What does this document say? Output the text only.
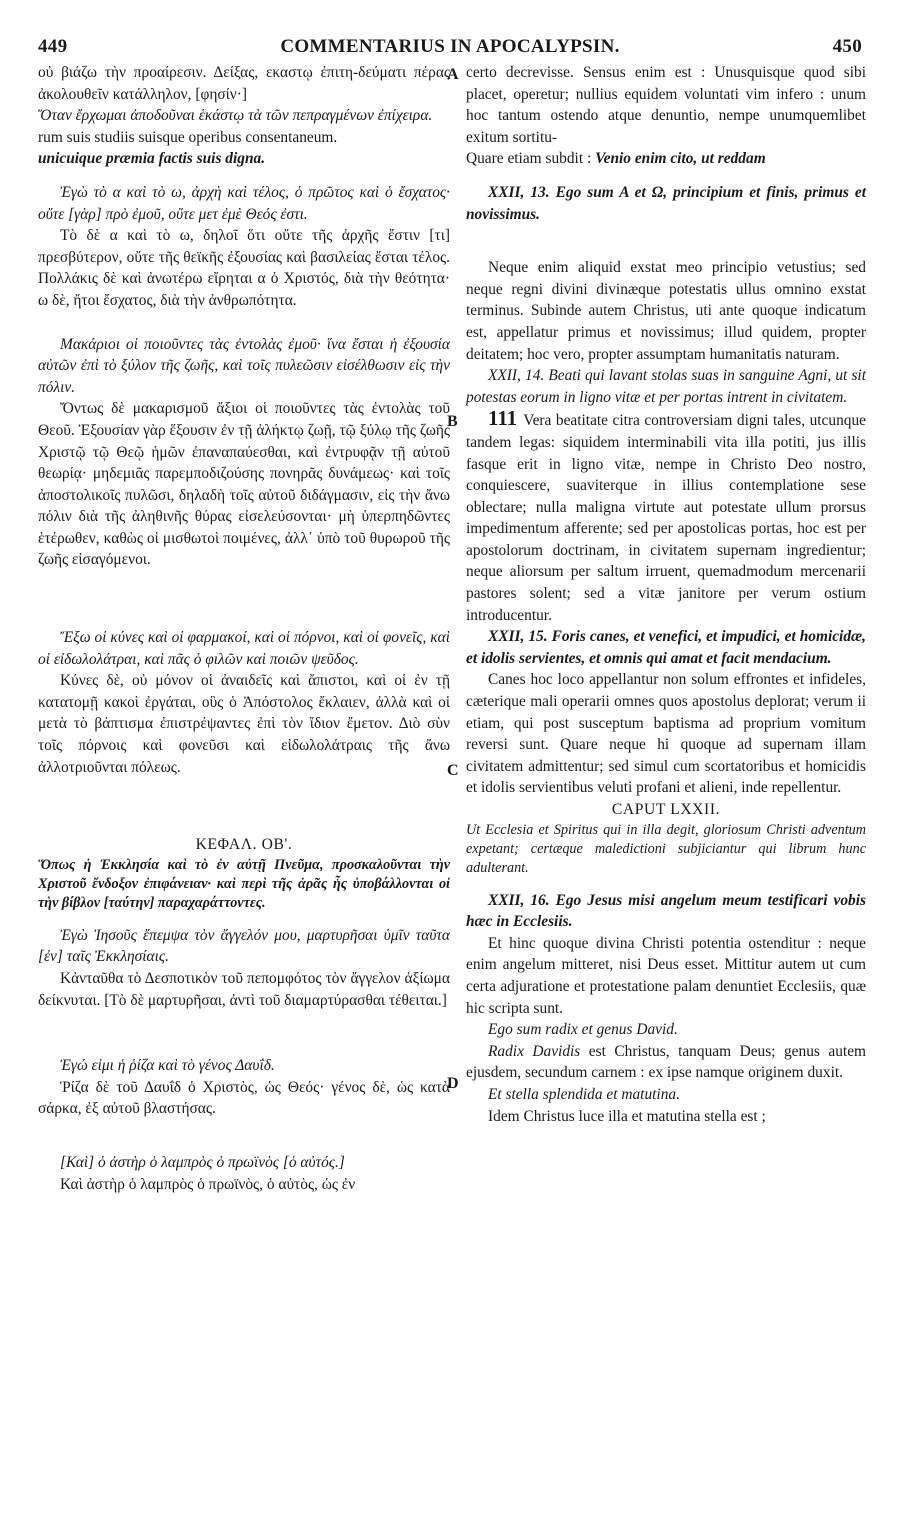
449	COMMENTARIUS IN APOCALYPSIN.	450

οὐ βιάζω τὴν προαίρεσιν. Δείξας, εκαστῳ ἐπιτη-δεύματι πέρας ἀκολουθεῖν κατάλληλον, [φησίν·]

Ὅταν ἔρχωμαι ἀποδοῦναι ἑκάστῳ τὰ τῶν πεπραγμένων ἐπίχειρα.

rum suis studiis suisque operibus consentaneum.

unicuique præmia factis suis digna.

Ἐγὼ τὸ α καὶ τὸ ω, ἀρχὴ καὶ τέλος, ὁ πρῶτος καὶ ὁ ἔσχατος· οὔτε [γὰρ] πρὸ ἐμοῦ, οὔτε μετ ἐμὲ Θεός ἐστι.

Τὸ δὲ α καὶ τὸ ω, δηλοῖ ὅτι οὔτε τῆς ἀρχῆς ἔστιν [τι] πρεσβύτερον, οὔτε τῆς θεϊκῆς ἐξουσίας καὶ βασιλείας ἔσται τέλος. Πολλάκις δὲ καὶ ἀνωτέρω εἴρηται α ὁ Χριστός, διὰ τὴν θεότητα· ω δὲ, ἤτοι ἔσχατος, διὰ τὴν ἀνθρωπότητα.

Μακάριοι οἱ ποιοῦντες τὰς ἐντολὰς ἐμοῦ· ἵνα ἔσται ἡ ἐξουσία αὐτῶν ἐπὶ τὸ ξύλον τῆς ζωῆς, καὶ τοῖς πυλεῶσιν εἰσέλθωσιν εἰς τὴν πόλιν.

Ὄντως δὲ μακαρισμοῦ ἄξιοι οἱ ποιοῦντες τὰς ἐντολὰς τοῦ Θεοῦ. Ἐξουσίαν γὰρ ἕξουσιν ἐν τῇ ἀλήκτῳ ζωῇ, τῷ ξύλῳ τῆς ζωῆς Χριστῷ τῷ Θεῷ ἡμῶν ἐπαναπαύεσθαι, καὶ ἐντρυφᾷν τῇ αὐτοῦ θεωρίᾳ· μηδεμιᾶς παρεμποδιζούσης πονηρᾶς δυνάμεως· καὶ τοῖς ἀποστολικοῖς πυλῶσι, δηλαδὴ τοῖς αὐτοῦ διδάγμασιν, εἰς τὴν ἄνω πόλιν διὰ τῆς ἀληθινῆς θύρας εἰσελεύσονται· μὴ ὑπερπηδῶντες ἑτέρωθεν, καθὼς οἱ μισθωτοὶ ποιμένες, ἀλλ᾿ ὑπὸ τοῦ θυρωροῦ τῆς ζωῆς εἰσαγόμενοι.

Ἔξω οἱ κύνες καὶ οἱ φαρμακοί, καὶ οἱ πόρνοι, καὶ οἱ φονεῖς, καὶ οἱ εἰδωλολάτραι, καὶ πᾶς ὁ φιλῶν καὶ ποιῶν ψεῦδος.

Κύνες δὲ, οὐ μόνον οἱ ἀναιδεῖς καὶ ἄπιστοι, καὶ οἱ ἐν τῇ κατατομῇ κακοὶ ἐργάται, οὓς ὁ Ἀπόστολος ἔκλαιεν, ἀλλὰ καὶ οἱ μετὰ τὸ βάπτισμα ἐπιστρέψαντες ἐπὶ τὸν ἴδιον ἔμετον. Διὸ σὺν τοῖς πόρνοις καὶ φονεῦσι καὶ εἰδωλολάτραις τῆς ἄνω ἀλλοτριοῦνται πόλεως.

ΚΕΦΑΛ. ΟΒ'.

Ὅπως ἡ Ἐκκλησία καὶ τὸ ἐν αὐτῇ Πνεῦμα, προσκαλοῦνται τὴν Χριστοῦ ἔνδοξον ἐπιφάνειαν· καὶ περὶ τῆς ἀρᾶς ἧς ὑποβάλλονται οἱ τὴν βίβλον [ταύτην] παραχαράττοντες.

Ἐγὼ Ἰησοῦς ἔπεμψα τὸν ἄγγελόν μου, μαρτυρῆσαι ὑμῖν ταῦτα [ἐν] ταῖς Ἐκκλησίαις.

Κἀνταῦθα τὸ Δεσποτικὸν τοῦ πεπομφότος τὸν ἄγγελον ἀξίωμα δείκνυται. [Τὸ δὲ μαρτυρῆσαι, ἀντὶ τοῦ διαμαρτύρασθαι τέθειται.]

Ἐγώ εἰμι ἡ ῥίζα καὶ τὸ γένος Δαυΐδ.

Ῥίζα δὲ τοῦ Δαυΐδ ὁ Χριστὸς, ὡς Θεός· γένος δὲ, ὡς κατὰ σάρκα, ἐξ αὐτοῦ βλαστήσας.

[Καὶ] ὁ ἀστὴρ ὁ λαμπρὸς ὁ πρωϊνὸς [ὁ αὐτός.]

Καὶ ἀστὴρ ὁ λαμπρὸς ὁ πρωϊνὸς, ὁ αὐτὸς, ὡς ἐν

certo decrevisse. Sensus enim est : Unusquisque quod sibi placet, operetur; nullius equidem voluntati vim infero : unum hoc tantum ostendo atque denuntio, nempe unumquemlibet exitum sortitu-

Quare etiam subdit : Venio enim cito, ut reddam

XXII, 13. Ego sum A et Ω, principium et finis, primus et novissimus.

Neque enim aliquid exstat meo principio vetustius; sed neque regni divini divinæque potestatis ullus omnino exstat terminus. Subinde autem Christus, uti ante quoque indicatum est, appellatur primus et novissimus; illud quidem, propter deitatem; hoc vero, propter assumptam humanitatis naturam.

XXII, 14. Beati qui lavant stolas suas in sanguine Agni, ut sit potestas eorum in ligno vitæ et per portas intrent in civitatem.

111 Vera beatitate citra controversiam digni tales, utcunque tandem legas: siquidem interminabili vita illa potiti, jus illis fasque erit in ligno vitæ, nempe in Christo Deo nostro, conquiescere, suaviterque in illius contemplatione sese oblectare; nulla maligna virtute aut potestate ullum prorsus impedimentum afferente; sed per apostolicas portas, hoc est per apostolorum doctrinam, in civitatem supernam ingredientur; neque aliorsum per saltum irruent, quemadmodum mercenarii pastores solent; sed a vitæ janitore per verum ostium introducentur.

XXII, 15. Foris canes, et venefici, et impudici, et homicidæ, et idolis servientes, et omnis qui amat et facit mendacium.

Canes hoc loco appellantur non solum effrontes et infideles, cæterique mali operarii omnes quos apostolus deplorat; verum ii etiam, qui post susceptum baptisma ad proprium vomitum reversi sunt. Quare neque hi quoque ad supernam illam civitatem admittentur; sed simul cum scortatoribus et homicidis et idolis servientibus veluti profani et alieni, inde repellentur.

CAPUT LXXII.

Ut Ecclesia et Spiritus qui in illa degit, gloriosum Christi adventum expetant; certæque maledictioni subjiciantur qui librum hunc adulterant.

XXII, 16. Ego Jesus misi angelum meum testificari vobis hæc in Ecclesiis.

Et hinc quoque divina Christi potentia ostenditur : neque enim angelum mitteret, nisi Deus esset. Mittitur autem ut cum certa adjuratione et protestatione palam denuntiet Ecclesiis, quæ hic scripta sunt.

Ego sum radix et genus David.

Radix Davidis est Christus, tanquam Deus; genus autem ejusdem, secundum carnem : ex ipse namque originem duxit.

Et stella splendida et matutina.

Idem Christus luce illa et matutina stella est ;

A
B
C
D
